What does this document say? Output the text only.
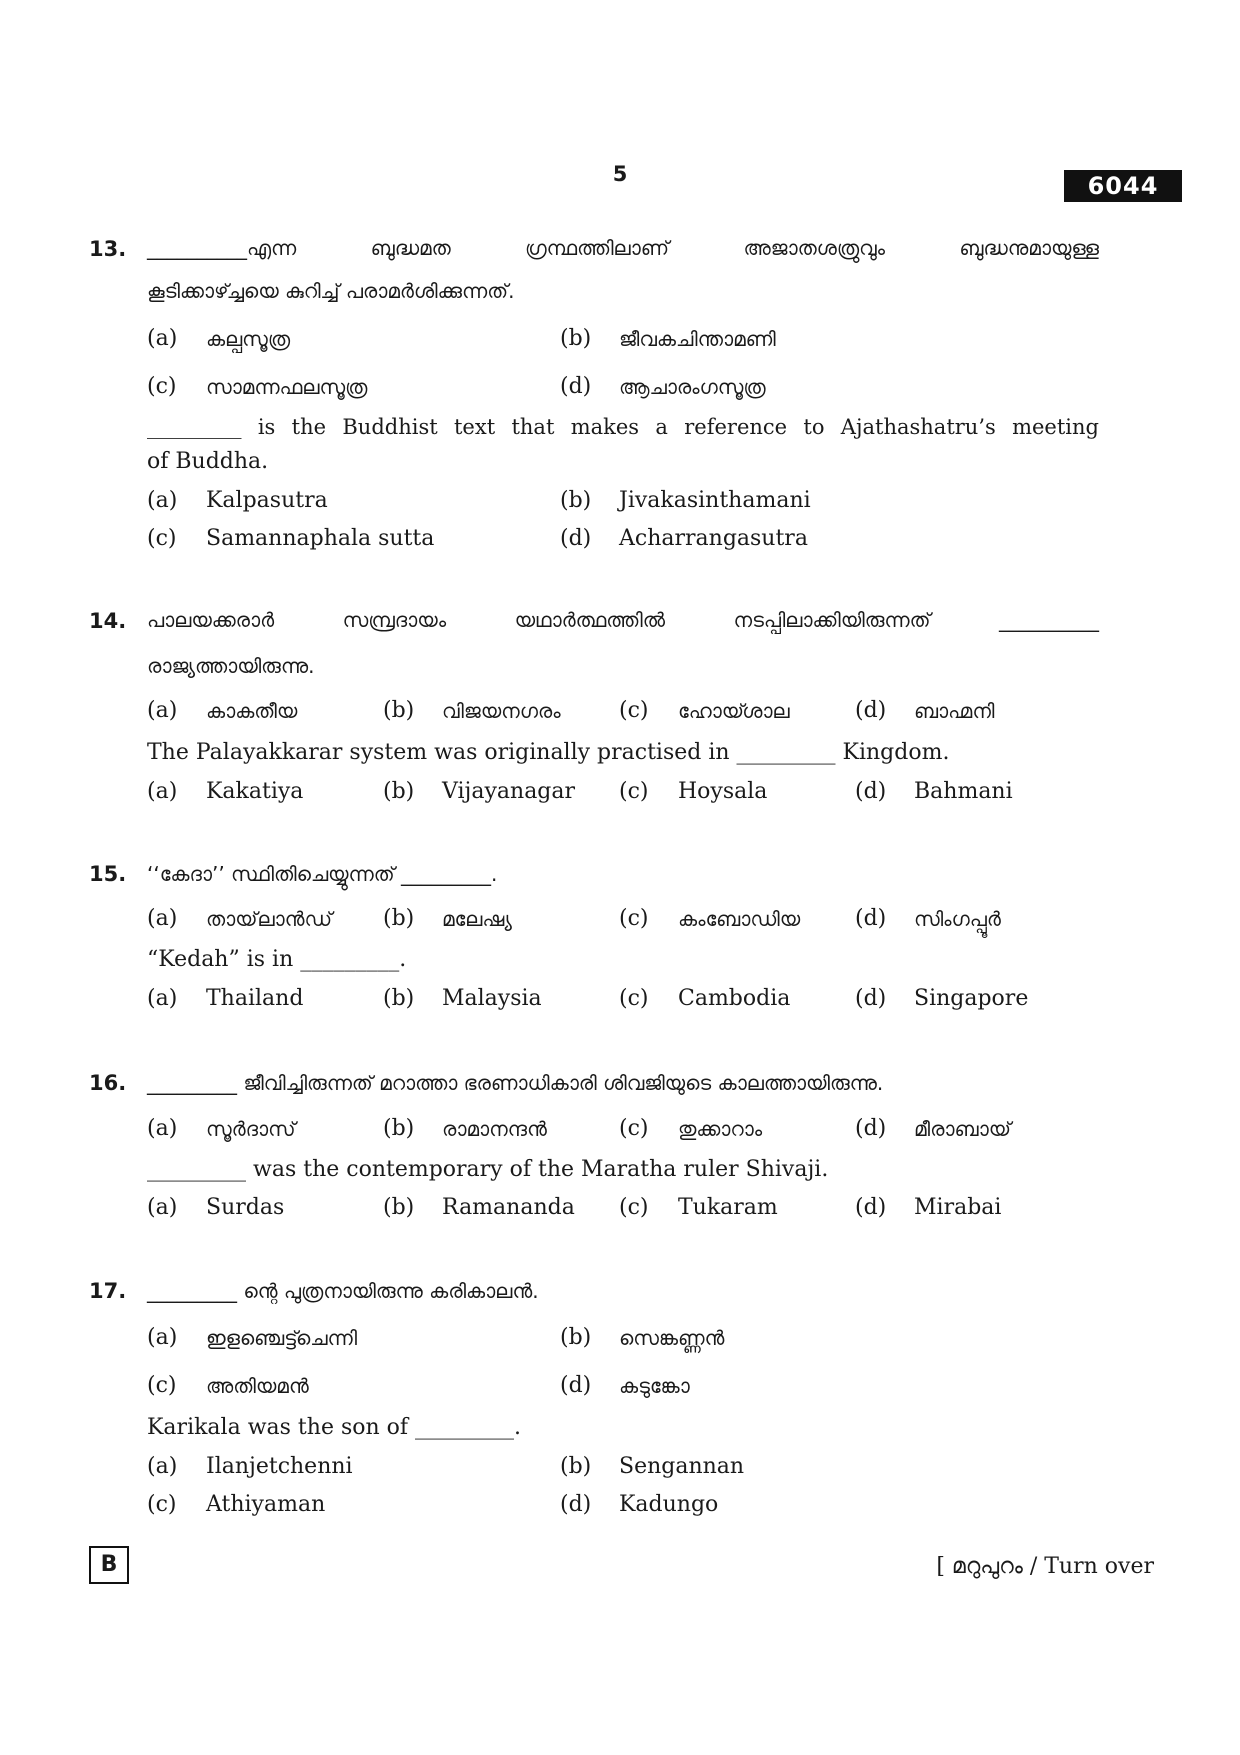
5	6044
13. __________എന്ന ബുദ്ധമത ഗ്രന്ഥത്തിലാണ് അജാതശത്രുവും ബുദ്ധനുമായുള്ള
കൂടിക്കാഴ്ച്ചയെ കുറിച്ച് പരാമർശിക്കുന്നത്.
(a) കല്പസൂത്ര	(b) ജീവകചിന്താമണി
(c) സാമന്നഫലസൂത്ര	(d) ആചാരംഗസൂത്ര
_________ is the Buddhist text that makes a reference to Ajathashatru’s meeting
of Buddha.
(a) Kalpasutra	(b) Jivakasinthamani
(c) Samannaphala sutta	(d) Acharrangasutra
14. പാലയക്കരാർ സമ്പ്രദായം യഥാർത്ഥത്തിൽ നടപ്പിലാക്കിയിരുന്നത് __________
രാജ്യത്തായിരുന്നു.
(a) കാകതീയ	(b) വിജയനഗരം	(c) ഹോയ്ശാല	(d) ബാഹ്മനി
The Palayakkarar system was originally practised in _________ Kingdom.
(a) Kakatiya	(b) Vijayanagar (c) Hoysala	(d) Bahmani
15. ‘‘കേദാ’’ സ്ഥിതിചെയ്യുന്നത് _________.
(a) തായ്‌ലാൻഡ് (b) മലേഷ്യ	(c) കംബോഡിയ (d) സിംഗപ്പൂർ
“Kedah” is in _________.
(a) Thailand	(b) Malaysia	(c) Cambodia	(d) Singapore
16. _________ ജീവിച്ചിരുന്നത് മറാത്താ ഭരണാധികാരി ശിവജിയുടെ കാലത്തായിരുന്നു.
(a) സൂർദാസ്	(b) രാമാനന്ദൻ	(c) തുക്കാറാം	(d) മീരാബായ്
_________ was the contemporary of the Maratha ruler Shivaji.
(a) Surdas	(b) Ramananda (c) Tukaram	(d) Mirabai
17. _________ ന്റെ പുത്രനായിരുന്നു കരികാലൻ.
(a) ഇളഞ്ചെട്ട്ചെന്നി	(b) സെങ്കണ്ണൻ
(c) അതിയമൻ	(d) കടുങ്കോ
Karikala was the son of _________.
(a) Ilanjetchenni	(b) Sengannan
(c) Athiyaman	(d) Kadungo
B	[ മറുപുറം / Turn over
